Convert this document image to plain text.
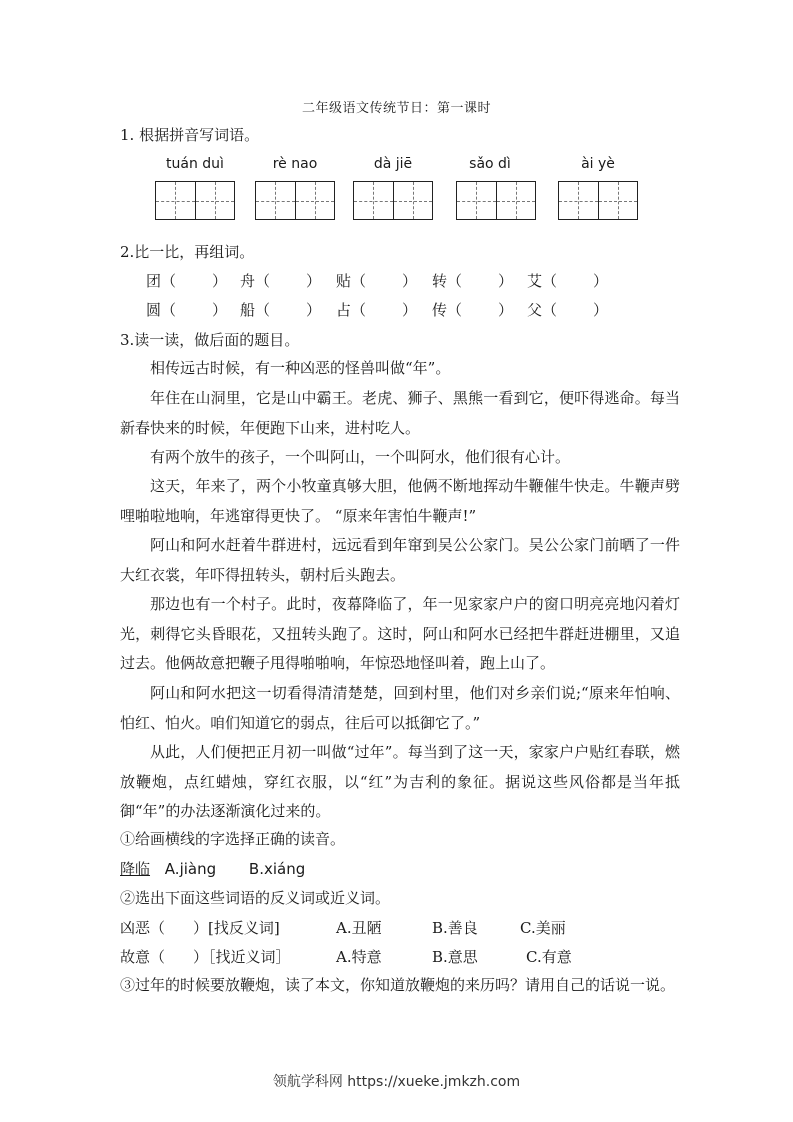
二年级语文传统节日：第一课时
1. 根据拼音写词语。
tuán duì	rè nao	dà jiē	sǎo dì	ài yè
2.比一比，再组词。
团（ ） 舟（ ） 贴（ ） 转（ ） 艾（ ）
圆（ ） 船（ ） 占（ ） 传（ ） 父（ ）
3.读一读，做后面的题目。
相传远古时候，有一种凶恶的怪兽叫做“年”。
年住在山洞里，它是山中霸王。老虎、狮子、黑熊一看到它，便吓得逃命。每当新春快来的时候，年便跑下山来，进村吃人。
有两个放牛的孩子，一个叫阿山，一个叫阿水，他们很有心计。
这天，年来了，两个小牧童真够大胆，他俩不断地挥动牛鞭催牛快走。牛鞭声劈哩啪啦地响，年逃窜得更快了。 “原来年害怕牛鞭声!”
阿山和阿水赶着牛群进村，远远看到年窜到吴公公家门。吴公公家门前晒了一件大红衣裳，年吓得扭转头，朝村后头跑去。
那边也有一个村子。此时，夜幕降临了，年一见家家户户的窗口明亮亮地闪着灯光，刺得它头昏眼花，又扭转头跑了。这时，阿山和阿水已经把牛群赶进棚里，又追过去。他俩故意把鞭子甩得啪啪响，年惊恐地怪叫着，跑上山了。
阿山和阿水把这一切看得清清楚楚，回到村里，他们对乡亲们说;“原来年怕响、怕红、怕火。咱们知道它的弱点，往后可以抵御它了。”
从此，人们便把正月初一叫做“过年”。每当到了这一天，家家户户贴红春联，燃放鞭炮，点红蜡烛，穿红衣服，以“红”为吉利的象征。据说这些风俗都是当年抵御“年”的办法逐渐演化过来的。
①给画横线的字选择正确的读音。
降临 A.jiàng B.xiáng
②选出下面这些词语的反义词或近义词。
凶恶（ ）[找反义词]	A.丑陋	B.善良	C.美丽
故意（ ）［找近义词］	A.特意	B.意思	C.有意
③过年的时候要放鞭炮，读了本文，你知道放鞭炮的来历吗？请用自己的话说一说。
领航学科网 https://xueke.jmkzh.com
